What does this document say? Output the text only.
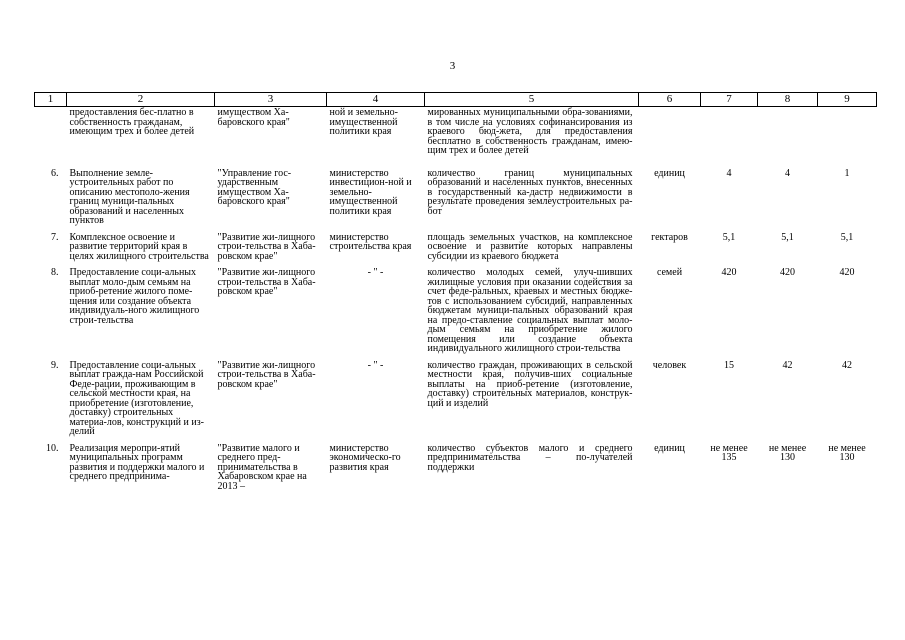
3
1	2	3	4	5	6	7	8	9
	предоставления бес-платно в собственность гражданам, имеющим трех и более детей	имуществом Ха-баровского края"	ной и земельно-имущественной политики края	мированных муниципальными обра-зованиями, в том числе на условиях софинансирования из краевого бюд-жета, для предоставления бесплатно в собственность гражданам, имею-щим трех и более детей				
6.	Выполнение земле-устроительных работ по описанию местополо-жения границ муници-пальных образований и населенных пунктов	"Управление гос-ударственным имуществом Ха-баровского края"	министерство инвестицион-ной и земельно-имущественной политики края	количество границ муниципальных образований и населенных пунктов, внесенных в государственный ка-дастр недвижимости в результате проведения землеустроительных ра-бот	единиц	4	4	1
7.	Комплексное освоение и развитие территорий края в целях жилищного строительства	"Развитие жи-лищного строи-тельства в Хаба-ровском крае"	министерство строительства края	площадь земельных участков, на комплексное освоение и развитие которых направлены субсидии из краевого бюджета	гектаров	5,1	5,1	5,1
8.	Предоставление соци-альных выплат моло-дым семьям на приоб-ретение жилого поме-щения или создание объекта индивидуаль-ного жилищного строи-тельства	"Развитие жи-лищного строи-тельства в Хаба-ровском крае"	- " -	количество молодых семей, улуч-шивших жилищные условия при оказании содействия за счет феде-ральных, краевых и местных бюдже-тов с использованием субсидий, направленных бюджетам муници-пальных образований края на предо-ставление социальных выплат моло-дым семьям на приобретение жилого помещения или создание объекта индивидуального жилищного строи-тельства	семей	420	420	420
9.	Предоставление соци-альных выплат гражда-нам Российской Феде-рации, проживающим в сельской местности края, на приобретение (изготовление, доставку) строительных материа-лов, конструкций и из-делий	"Развитие жи-лищного строи-тельства в Хаба-ровском крае"	- " -	количество граждан, проживающих в сельской местности края, получив-ших социальные выплаты на приоб-ретение (изготовление, доставку) строительных материалов, конструк-ций и изделий	человек	15	42	42
10.	Реализация меропри-ятий муниципальных программ развития и поддержки малого и среднего предпринима-	"Развитие малого и среднего пред-принимательства в Хабаровском крае на 2013 –	министерство экономическо-го развития края	количество субъектов малого и среднего предпринимательства – по-лучателей поддержки	единиц	не менее 135	не менее 130	не менее 130
